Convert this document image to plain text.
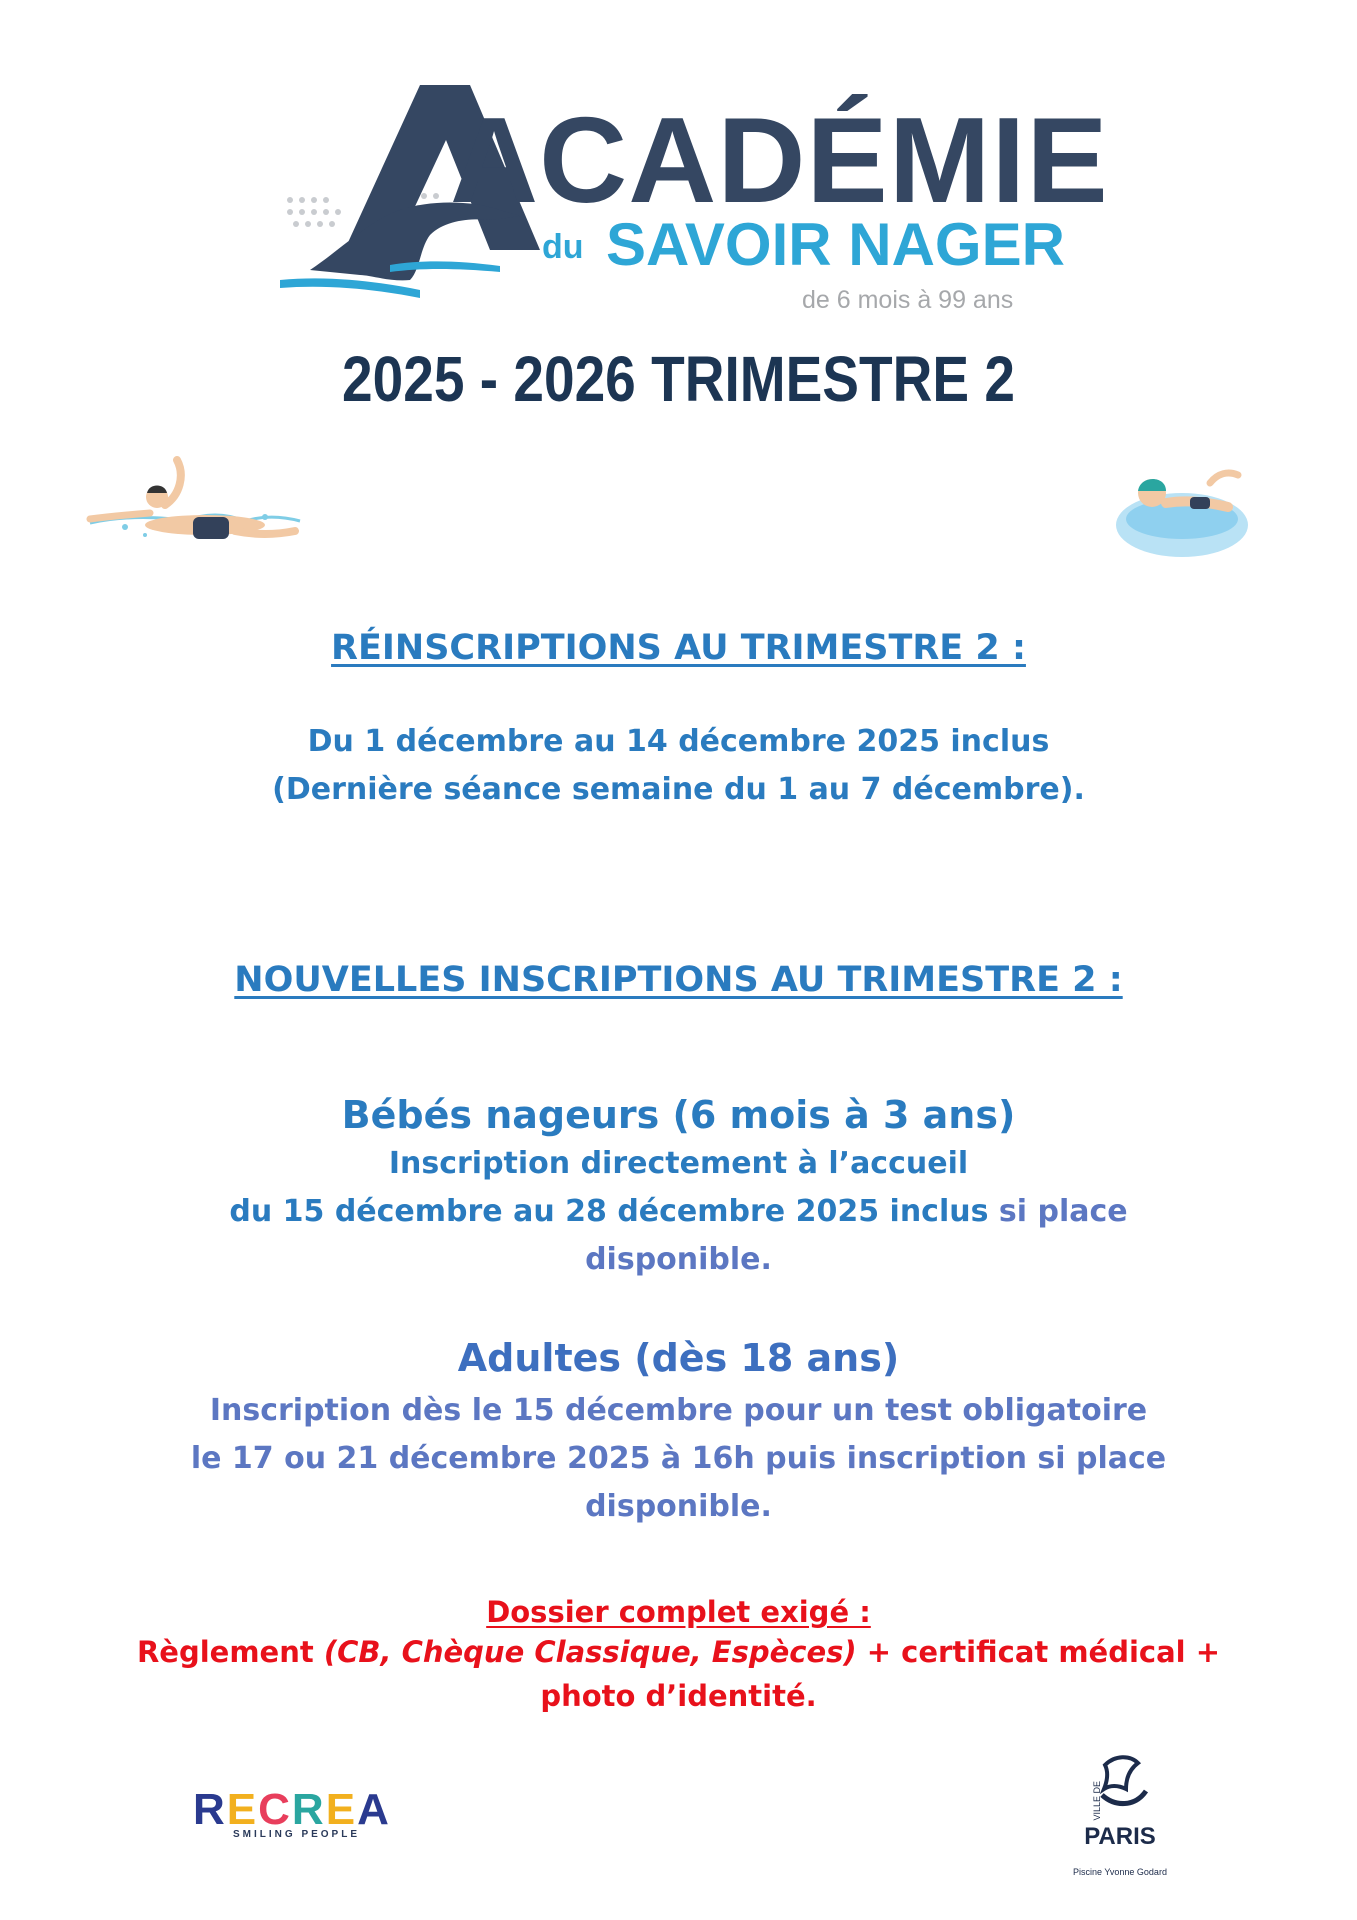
ACADÉMIE
du SAVOIR NAGER
de 6 mois à 99 ans
2025 - 2026 TRIMESTRE 2
RÉINSCRIPTIONS AU TRIMESTRE 2 :
Du 1 décembre au 14 décembre 2025 inclus
(Dernière séance semaine du 1 au 7 décembre).
NOUVELLES INSCRIPTIONS AU TRIMESTRE 2 :
Bébés nageurs (6 mois à 3 ans)
Inscription directement à l’accueil
du 15 décembre au 28 décembre 2025 inclus si place
disponible.
Adultes (dès 18 ans)
Inscription dès le 15 décembre pour un test obligatoire
le 17 ou 21 décembre 2025 à 16h puis inscription si place
disponible.
Dossier complet exigé :
Règlement (CB, Chèque Classique, Espèces) + certificat médical +
photo d’identité.
RECREA
SMILING PEOPLE
VILLE DE
PARIS
Piscine Yvonne Godard
